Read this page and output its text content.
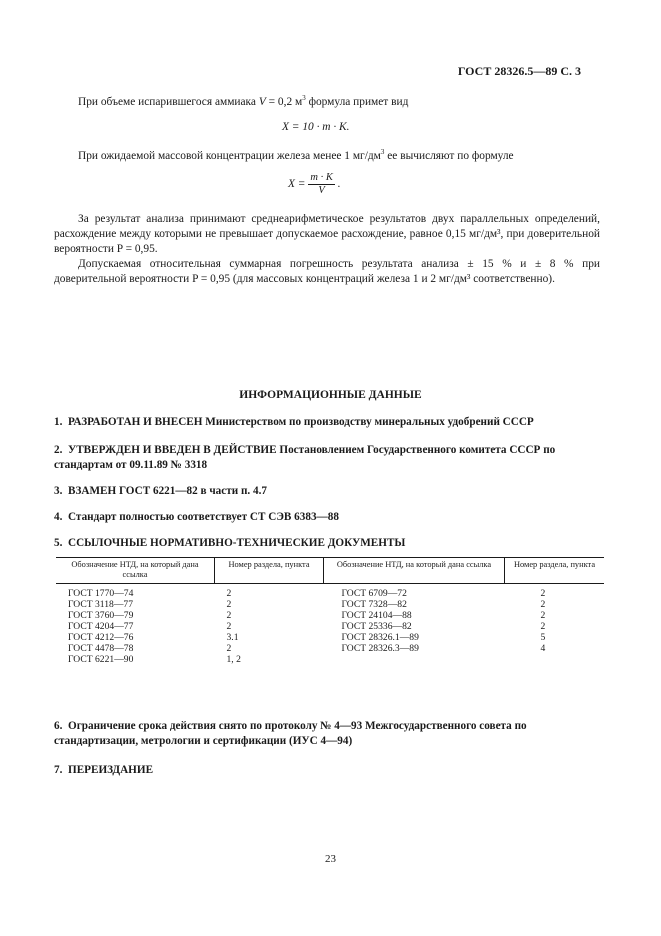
ГОСТ 28326.5—89 С. 3
При объеме испарившегося аммиака V = 0,2 $м^3$ формула примет вид
X = 10 · m · K.
При ожидаемой массовой концентрации железа менее 1 $мг/дм^3$ ее вычисляют по формуле
$X = \frac{m \cdot K}{V}$ .
За результат анализа принимают среднеарифметическое результатов двух параллельных определений, расхождение между которыми не превышает допускаемое расхождение, равное 0,15 мг/дм³, при доверительной вероятности P = 0,95.
Допускаемая относительная суммарная погрешность результата анализа ± 15 % и ± 8 % при доверительной вероятности P = 0,95 (для массовых концентраций железа 1 и 2 мг/дм³ соответственно).
ИНФОРМАЦИОННЫЕ ДАННЫЕ
1. РАЗРАБОТАН И ВНЕСЕН Министерством по производству минеральных удобрений СССР
2. УТВЕРЖДЕН И ВВЕДЕН В ДЕЙСТВИЕ Постановлением Государственного комитета СССР по стандартам от 09.11.89 № 3318
3. ВЗАМЕН ГОСТ 6221—82 в части п. 4.7
4. Стандарт полностью соответствует СТ СЭВ 6383—88
5. ССЫЛОЧНЫЕ НОРМАТИВНО-ТЕХНИЧЕСКИЕ ДОКУМЕНТЫ
Обозначение НТД, на который дана ссылка	Номер раздела, пункта	Обозначение НТД, на который дана ссылка	Номер раздела, пункта

ГОСТ 1770—74	2	ГОСТ 6709—72	2
ГОСТ 3118—77	2	ГОСТ 7328—82	2
ГОСТ 3760—79	2	ГОСТ 24104—88	2
ГОСТ 4204—77	2	ГОСТ 25336—82	2
ГОСТ 4212—76	3.1	ГОСТ 28326.1—89	5
ГОСТ 4478—78	2	ГОСТ 28326.3—89	4
ГОСТ 6221—90	1, 2		
6. Ограничение срока действия снято по протоколу № 4—93 Межгосударственного совета по стандартизации, метрологии и сертификации (ИУС 4—94)
7. ПЕРЕИЗДАНИЕ
23
